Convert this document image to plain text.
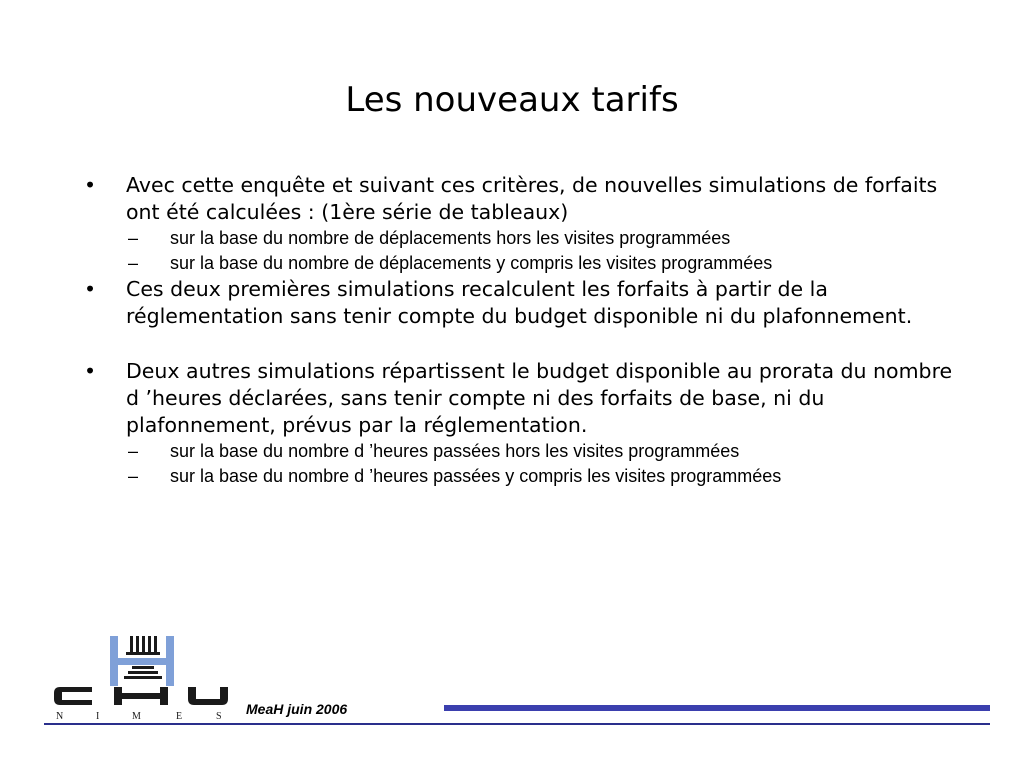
Les nouveaux tarifs

• Avec cette enquête et suivant ces critères, de nouvelles simulations de forfaits ont été calculées : (1ère série de tableaux)

– sur la base du nombre de déplacements hors les visites programmées

– sur la base du nombre de déplacements y compris les visites programmées

• Ces deux premières simulations recalculent les forfaits à partir de la réglementation sans tenir compte du budget disponible ni du plafonnement.

• Deux autres simulations répartissent le budget disponible au prorata du nombre d ’heures déclarées, sans tenir compte ni des forfaits de base, ni du plafonnement, prévus par la réglementation.

– sur la base du nombre d ’heures passées hors les visites programmées

– sur la base du nombre d ’heures passées y compris les visites programmées

N	I	M	E	S MeaH juin 2006
